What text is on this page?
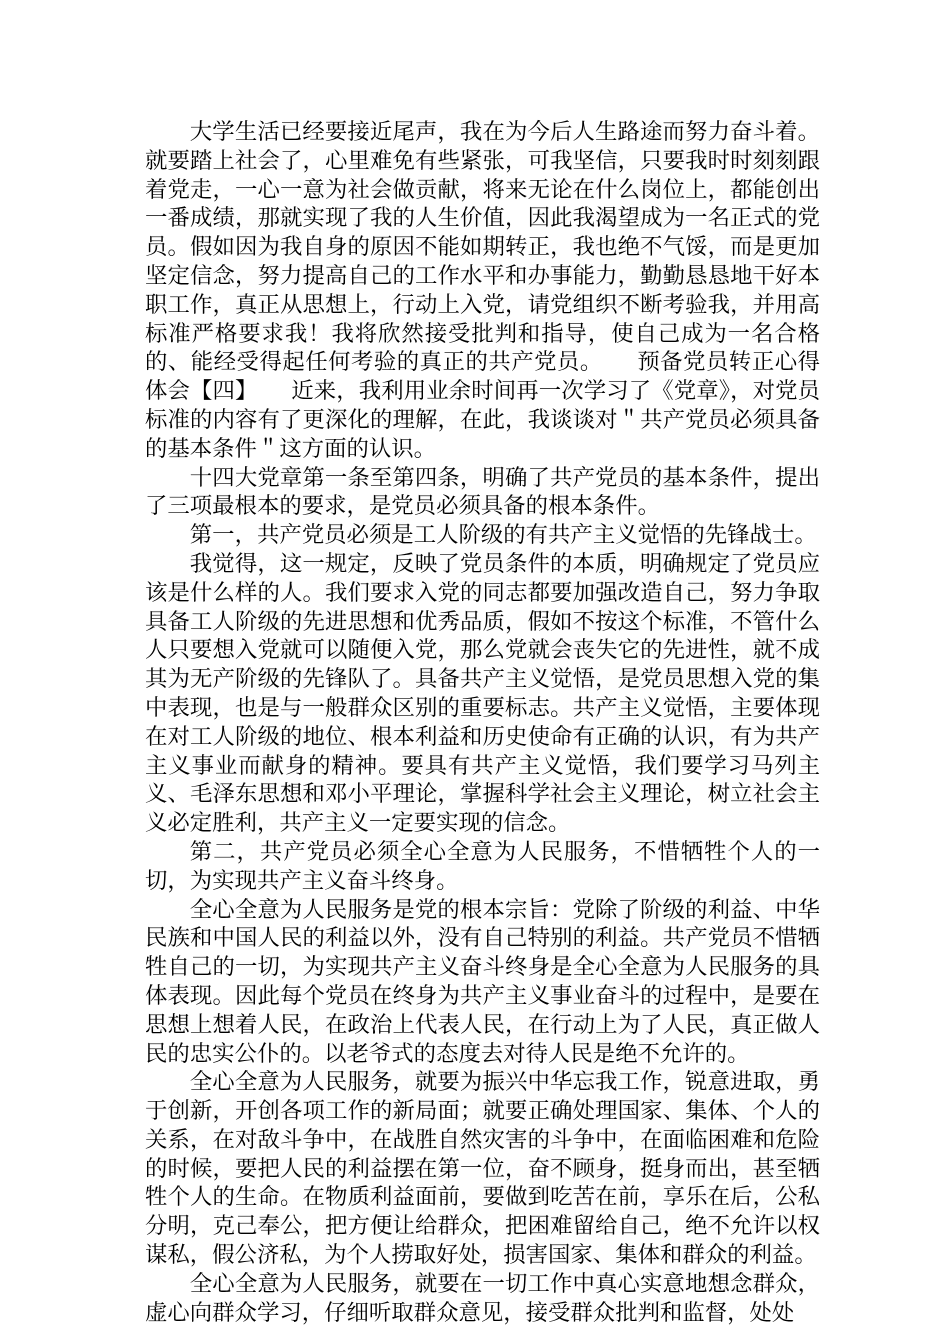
大学生活已经要接近尾声，我在为今后人生路途而努力奋斗着。就要踏上社会了，心里难免有些紧张，可我坚信，只要我时时刻刻跟着党走，一心一意为社会做贡献，将来无论在什么岗位上，都能创出一番成绩，那就实现了我的人生价值，因此我渴望成为一名正式的党员。假如因为我自身的原因不能如期转正，我也绝不气馁，而是更加坚定信念，努力提高自己的工作水平和办事能力，勤勤恳恳地干好本职工作，真正从思想上，行动上入党，请党组织不断考验我，并用高标准严格要求我！我将欣然接受批判和指导，使自己成为一名合格的、能经受得起任何考验的真正的共产党员。　　预备党员转正心得体会【四】　　近来，我利用业余时间再一次学习了《党章》，对党员标准的内容有了更深化的理解，在此，我谈谈对＂共产党员必须具备的基本条件＂这方面的认识。

十四大党章第一条至第四条，明确了共产党员的基本条件，提出了三项最根本的要求，是党员必须具备的根本条件。

第一，共产党员必须是工人阶级的有共产主义觉悟的先锋战士。

我觉得，这一规定，反映了党员条件的本质，明确规定了党员应该是什么样的人。我们要求入党的同志都要加强改造自己，努力争取具备工人阶级的先进思想和优秀品质，假如不按这个标准，不管什么人只要想入党就可以随便入党，那么党就会丧失它的先进性，就不成其为无产阶级的先锋队了。具备共产主义觉悟，是党员思想入党的集中表现，也是与一般群众区别的重要标志。共产主义觉悟，主要体现在对工人阶级的地位、根本利益和历史使命有正确的认识，有为共产主义事业而献身的精神。要具有共产主义觉悟，我们要学习马列主义、毛泽东思想和邓小平理论，掌握科学社会主义理论，树立社会主义必定胜利，共产主义一定要实现的信念。

第二，共产党员必须全心全意为人民服务，不惜牺牲个人的一切，为实现共产主义奋斗终身。

全心全意为人民服务是党的根本宗旨：党除了阶级的利益、中华民族和中国人民的利益以外，没有自己特别的利益。共产党员不惜牺牲自己的一切，为实现共产主义奋斗终身是全心全意为人民服务的具体表现。因此每个党员在终身为共产主义事业奋斗的过程中，是要在思想上想着人民，在政治上代表人民，在行动上为了人民，真正做人民的忠实公仆的。以老爷式的态度去对待人民是绝不允许的。

全心全意为人民服务，就要为振兴中华忘我工作，锐意进取，勇于创新，开创各项工作的新局面；就要正确处理国家、集体、个人的关系，在对敌斗争中，在战胜自然灾害的斗争中，在面临困难和危险的时候，要把人民的利益摆在第一位，奋不顾身，挺身而出，甚至牺牲个人的生命。在物质利益面前，要做到吃苦在前，享乐在后，公私分明，克己奉公，把方便让给群众，把困难留给自己，绝不允许以权谋私，假公济私，为个人捞取好处，损害国家、集体和群众的利益。

全心全意为人民服务，就要在一切工作中真心实意地想念群众，虚心向群众学习，仔细听取群众意见，接受群众批判和监督，处处
